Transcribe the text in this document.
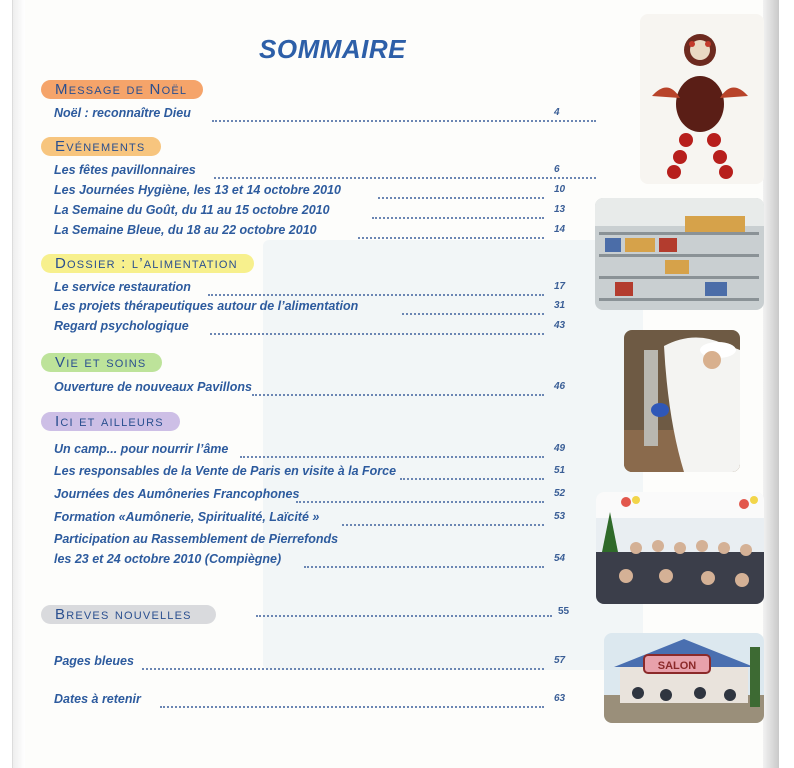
SOMMAIRE
Message de Noël
Evénements
Dossier : l’alimentation
Vie et soins
Ici et ailleurs
Breves nouvelles	55
Noël : reconnaître Dieu	4
Les fêtes pavillonnaires	6
Les Journées Hygiène, les 13 et 14 octobre 2010	10
La Semaine du Goût, du 11 au 15 octobre 2010	13
La Semaine Bleue, du 18 au 22 octobre 2010	14
Le service restauration	17
Les projets thérapeutiques autour de l’alimentation	31
Regard psychologique	43
Ouverture de nouveaux Pavillons	46
Un camp... pour nourrir l’âme	49
Les responsables de la Vente de Paris en visite à la Force	51
Journées des Aumôneries Francophones	52
Formation «Aumônerie, Spiritualité, Laïcité »	53
Participation au Rassemblement de Pierrefonds
les 23 et 24 octobre 2010 (Compiègne)	54
Pages bleues	57
Dates à retenir	63
SALON
